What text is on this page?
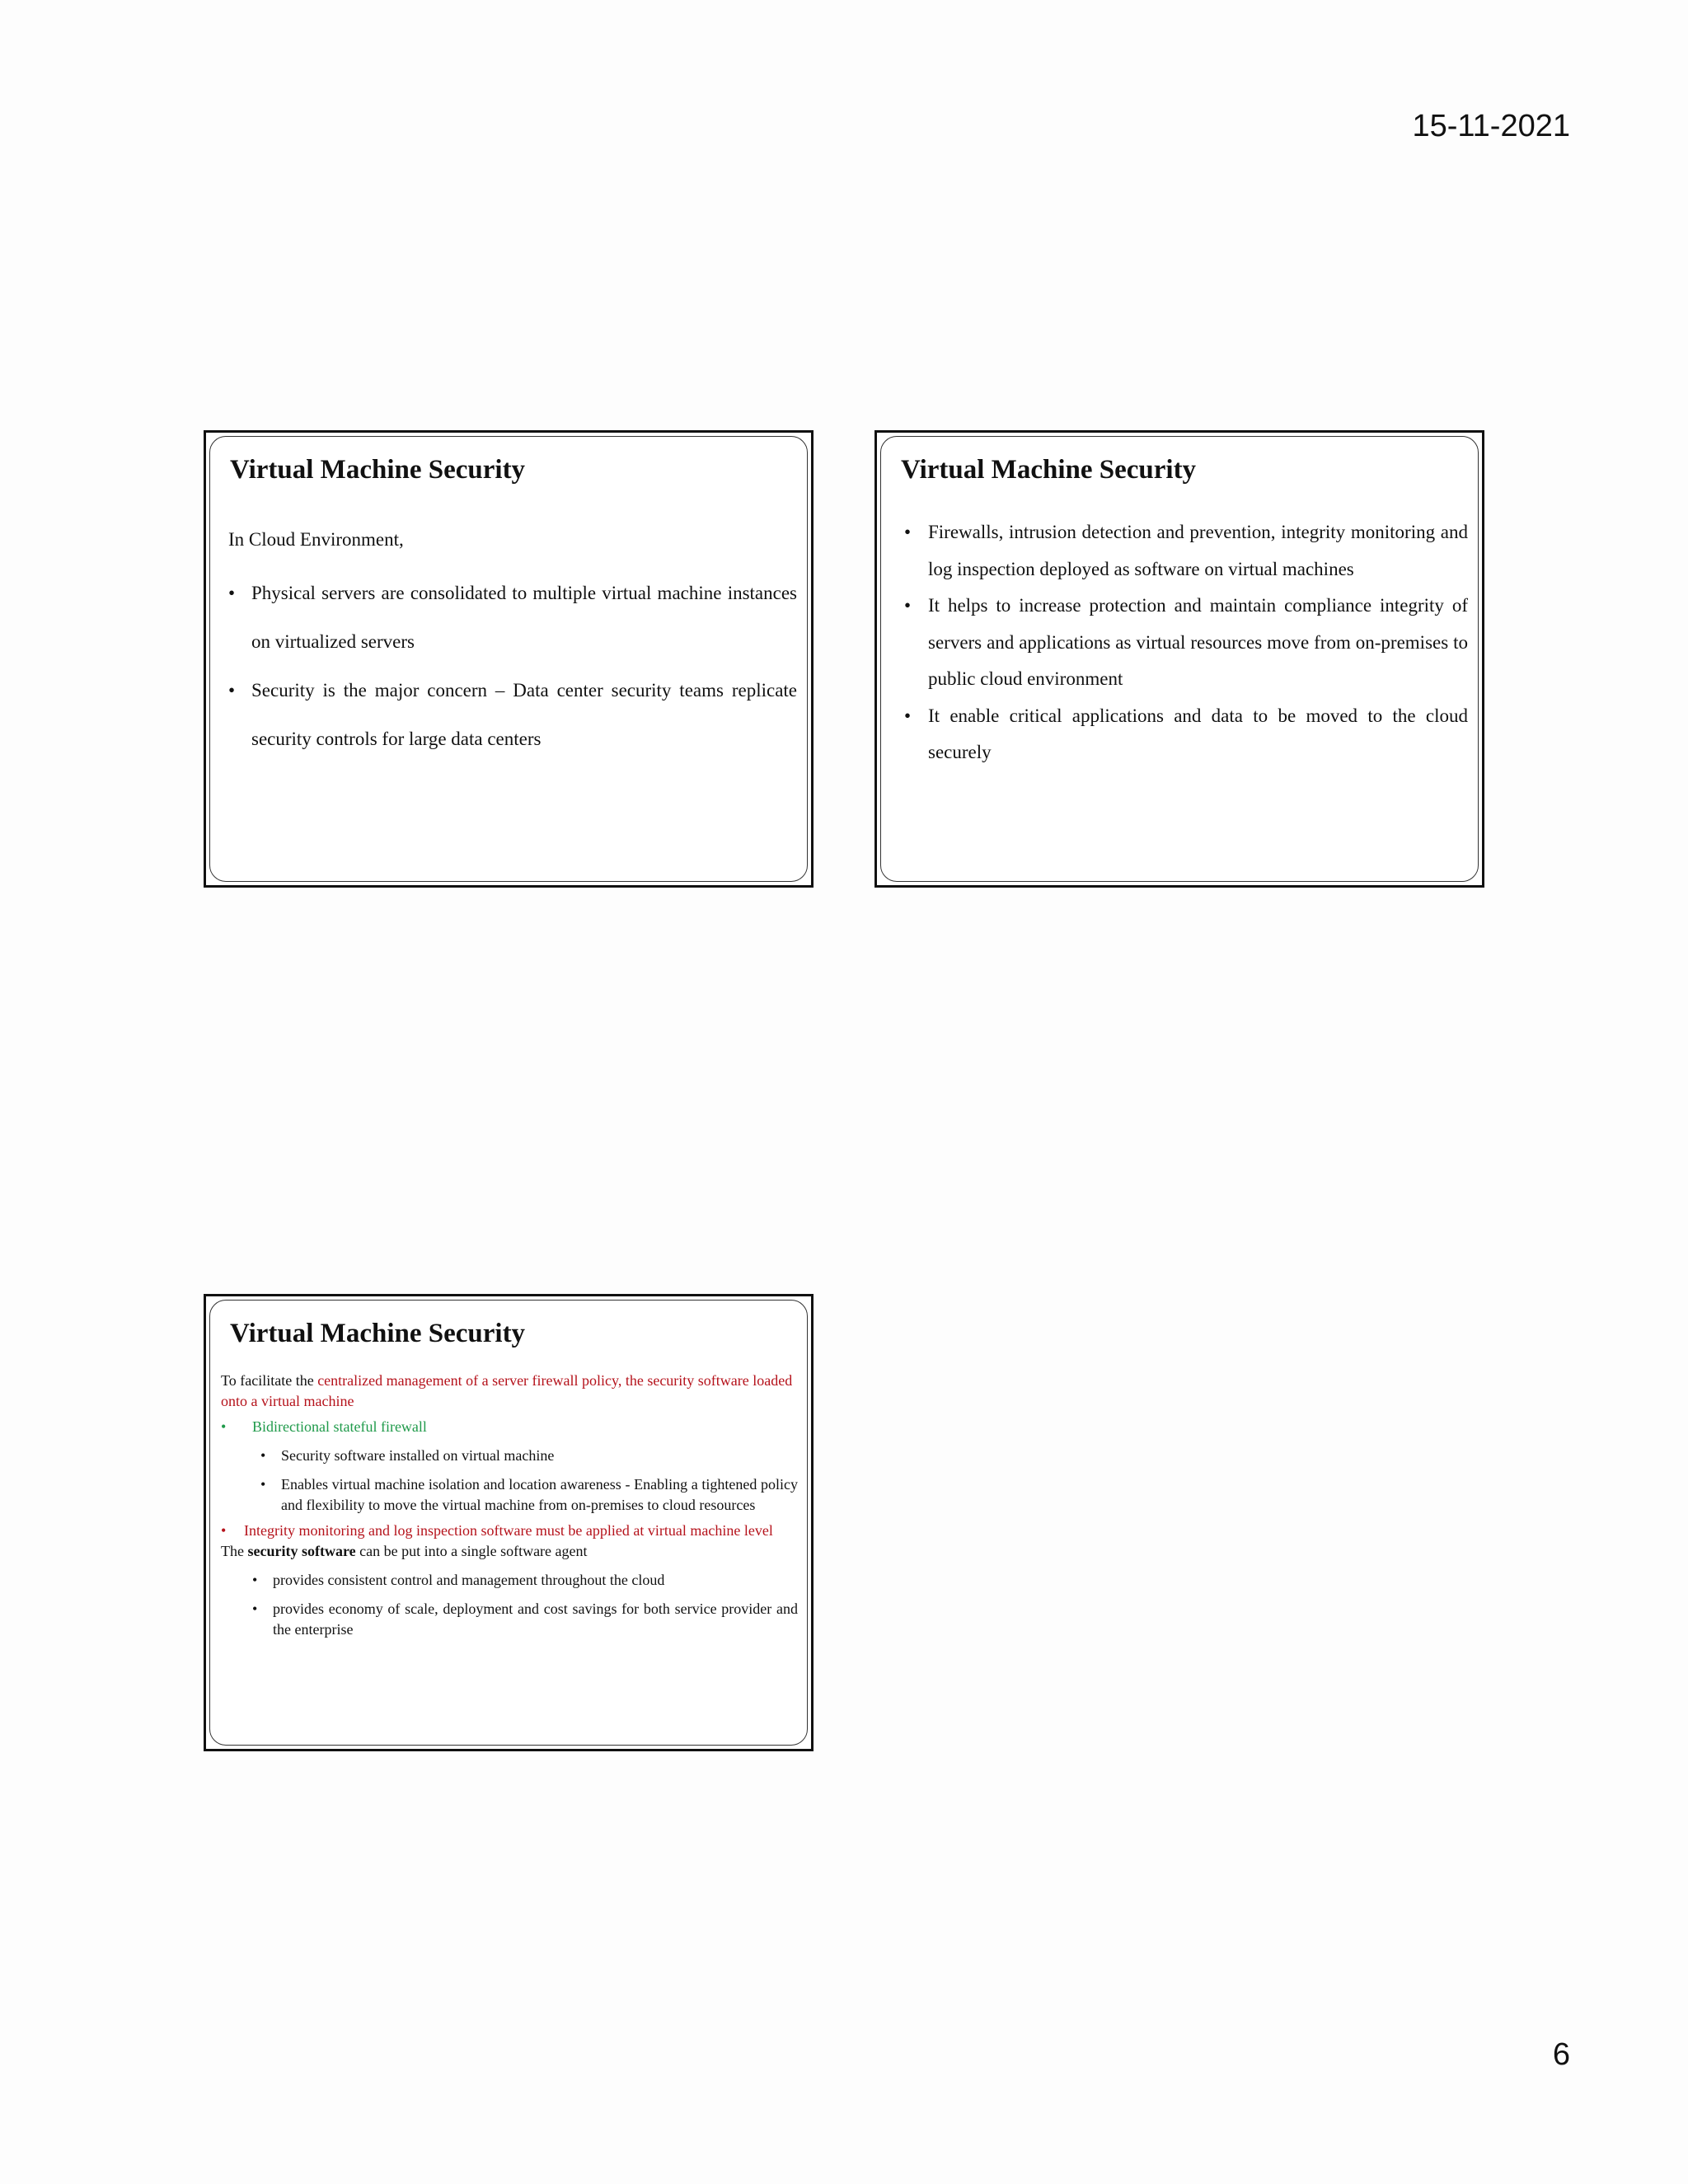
15-11-2021
Virtual Machine Security
In Cloud Environment,
• Physical servers are consolidated to multiple virtual machine instances on virtualized servers
• Security is the major concern – Data center security teams replicate security controls for large data centers
Virtual Machine Security
• Firewalls, intrusion detection and prevention, integrity monitoring and log inspection deployed as software on virtual machines
• It helps to increase protection and maintain compliance integrity of servers and applications as virtual resources move from on-premises to public cloud environment
• It enable critical applications and data to be moved to the cloud securely
Virtual Machine Security

To facilitate the centralized management of a server firewall policy, the security software loaded onto a virtual machine

• Bidirectional stateful firewall
• Security software installed on virtual machine
• Enables virtual machine isolation and location awareness - Enabling a tightened policy and flexibility to move the virtual machine from on-premises to cloud resources
• Integrity monitoring and log inspection software must be applied at virtual machine level

The security software can be put into a single software agent

• provides consistent control and management throughout the cloud
• provides economy of scale, deployment and cost savings for both service provider and the enterprise
6
